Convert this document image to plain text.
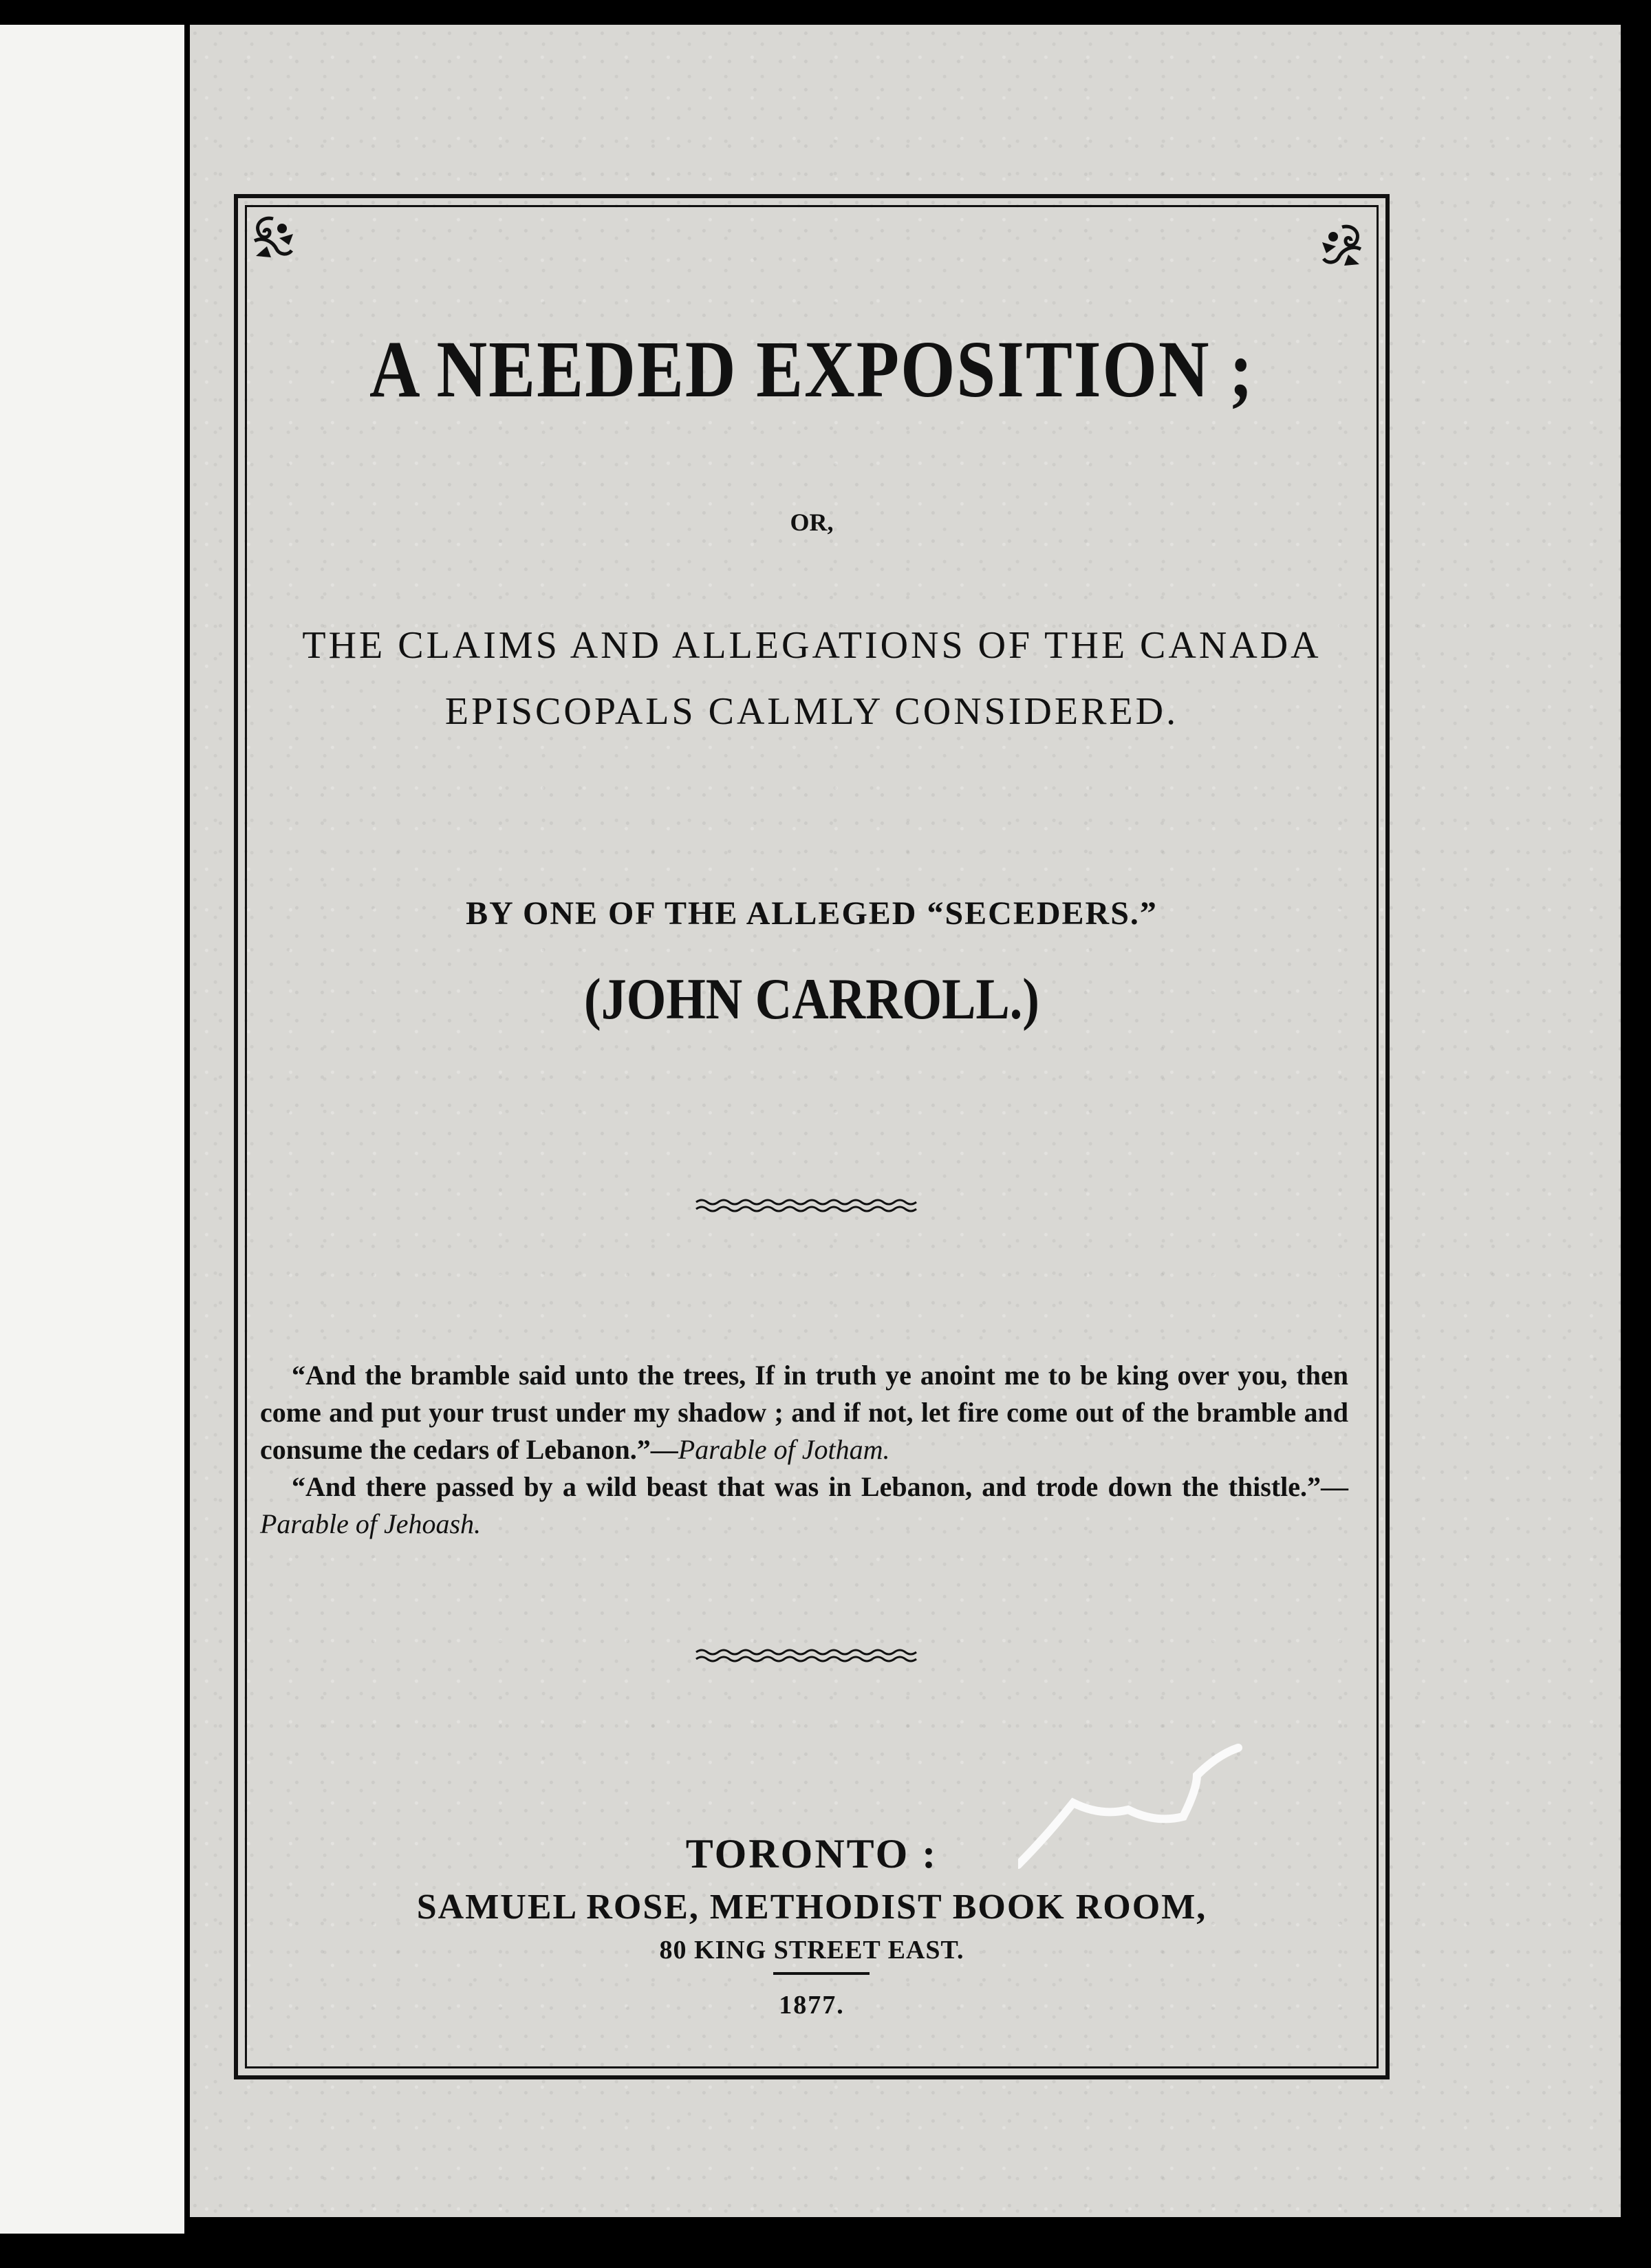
A NEEDED EXPOSITION ;
OR,
THE CLAIMS AND ALLEGATIONS OF THE CANADA
EPISCOPALS CALMLY CONSIDERED.
BY ONE OF THE ALLEGED “SECEDERS.”
(JOHN CARROLL.)

“And the bramble said unto the trees, If in truth ye anoint me to be king over you, then come and put your trust under my shadow ; and if not, let fire come out of the bramble and consume the cedars of Lebanon.”—Parable of Jotham.

“And there passed by a wild beast that was in Lebanon, and trode down the thistle.”—Parable of Jehoash.

TORONTO :
SAMUEL ROSE, METHODIST BOOK ROOM,
80 KING STREET EAST.
1877.
